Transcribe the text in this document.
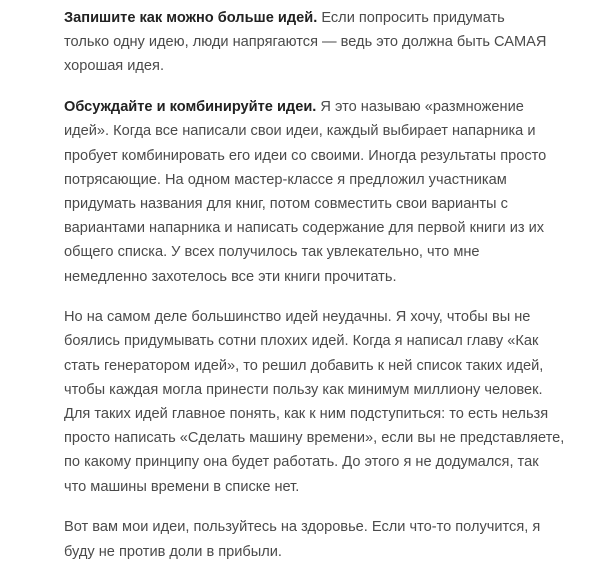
Запишите как можно больше идей. Если попросить придумать
только одну идею, люди напрягаются — ведь это должна быть САМАЯ
хорошая идея.

Обсуждайте и комбинируйте идеи. Я это называю «размножение
идей». Когда все написали свои идеи, каждый выбирает напарника и
пробует комбинировать его идеи со своими. Иногда результаты просто
потрясающие. На одном мастер-классе я предложил участникам
придумать названия для книг, потом совместить свои варианты с
вариантами напарника и написать содержание для первой книги из их
общего списка. У всех получилось так увлекательно, что мне
немедленно захотелось все эти книги прочитать.

Но на самом деле большинство идей неудачны. Я хочу, чтобы вы не
боялись придумывать сотни плохих идей. Когда я написал главу «Как
стать генератором идей», то решил добавить к ней список таких идей,
чтобы каждая могла принести пользу как минимум миллиону человек.
Для таких идей главное понять, как к ним подступиться: то есть нельзя
просто написать «Сделать машину времени», если вы не представляете,
по какому принципу она будет работать. До этого я не додумался, так
что машины времени в списке нет.

Вот вам мои идеи, пользуйтесь на здоровье. Если что-то получится, я
буду не против доли в прибыли.
